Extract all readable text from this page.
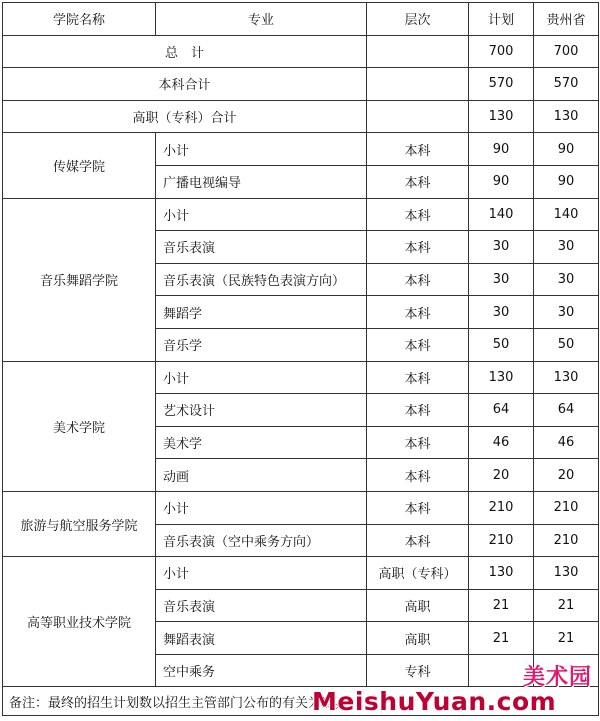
学院名称	专业	层次	计划	贵州省
总　计			700	700
本科合计			570	570
高职（专科）合计			130	130
传媒学院	小计	本科	90	90
	广播电视编导	本科	90	90
音乐舞蹈学院	小计	本科	140	140
	音乐表演	本科	30	30
	音乐表演（民族特色表演方向）	本科	30	30
	舞蹈学	本科	30	30
	音乐学	本科	50	50
美术学院	小计	本科	130	130
	艺术设计	本科	64	64
	美术学	本科	46	46
	动画	本科	20	20
旅游与航空服务学院	小计	本科	210	210
	音乐表演（空中乘务方向）	本科	210	210
高等职业技术学院	小计	高职（专科）	130	130
	音乐表演	高职	21	21
	舞蹈表演	高职	21	21
	空中乘务	专科		
备注：最终的招生计划数以招生主管部门公布的有关为准。				
美术园
MeishuYuan.com
